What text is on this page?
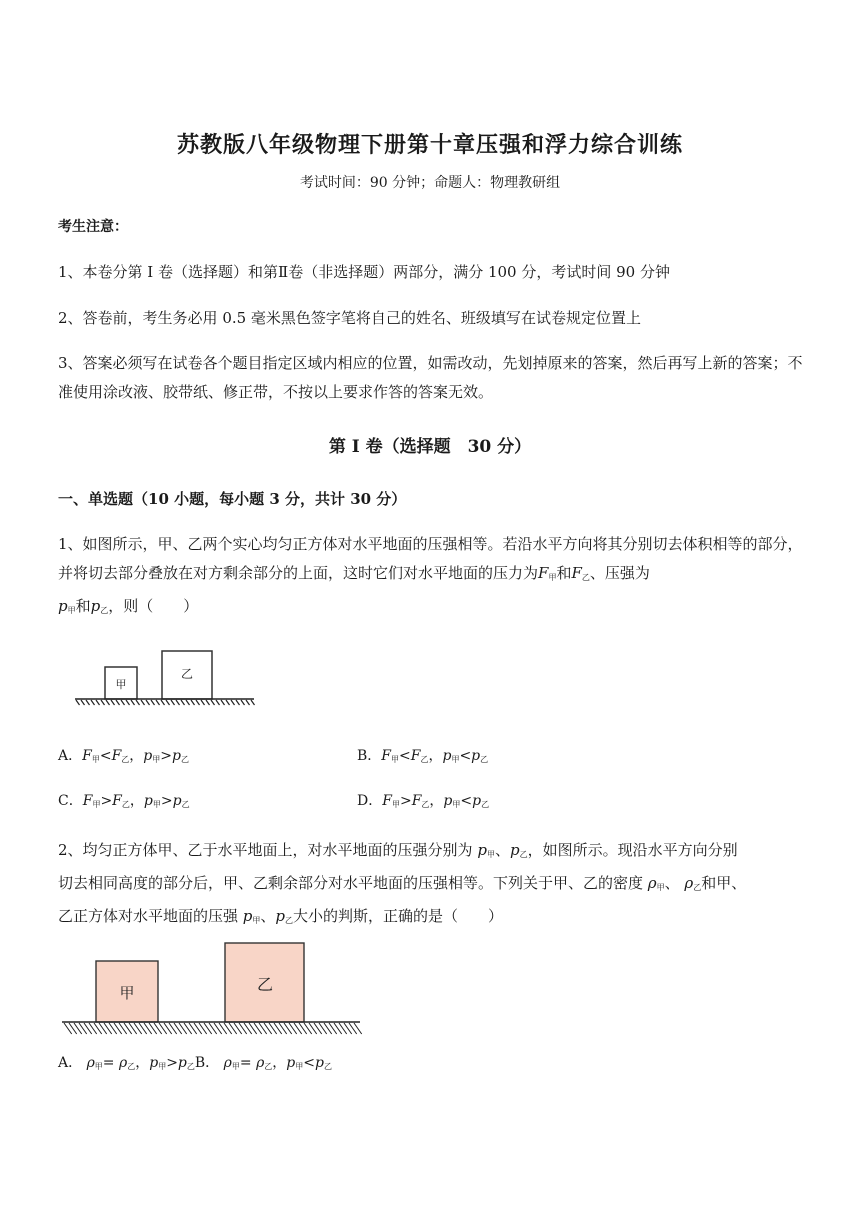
苏教版八年级物理下册第十章压强和浮力综合训练
考试时间：90 分钟；命题人：物理教研组
考生注意：
1、本卷分第 I 卷（选择题）和第Ⅱ卷（非选择题）两部分，满分 100 分，考试时间 90 分钟
2、答卷前，考生务必用 0.5 毫米黑色签字笔将自己的姓名、班级填写在试卷规定位置上
3、答案必须写在试卷各个题目指定区域内相应的位置，如需改动，先划掉原来的答案，然后再写上新的答案；不准使用涂改液、胶带纸、修正带，不按以上要求作答的答案无效。
第 I 卷（选择题　30 分）
一、单选题（10 小题，每小题 3 分，共计 30 分）
1、如图所示，甲、乙两个实心均匀正方体对水平地面的压强相等。若沿水平方向将其分别切去体积相等的部分，并将切去部分叠放在对方剩余部分的上面，这时它们对水平地面的压力为$F_甲$和$F_乙$、压强为
$p_甲$和$p_乙$，则（　　）
甲
乙
A．$F_甲<F_乙$，$p_甲>p_乙$	B．$F_甲<F_乙$，$p_甲<p_乙$
C．$F_甲>F_乙$，$p_甲>p_乙$	D．$F_甲>F_乙$，$p_甲<p_乙$
2、均匀正方体甲、乙于水平地面上，对水平地面的压强分别为 $p_甲$、$p_乙$，如图所示。现沿水平方向分别
切去相同高度的部分后，甲、乙剩余部分对水平地面的压强相等。下列关于甲、乙的密度 $\rho_甲$、 $\rho_乙$和甲、
乙正方体对水平地面的压强 $p_甲$、$p_乙$大小的判斯，正确的是（　　）
甲	乙
A． $\rho_甲= \rho_乙$，$p_甲>p_乙B$． $\rho_甲= \rho_乙$，$p_甲<p_乙$
